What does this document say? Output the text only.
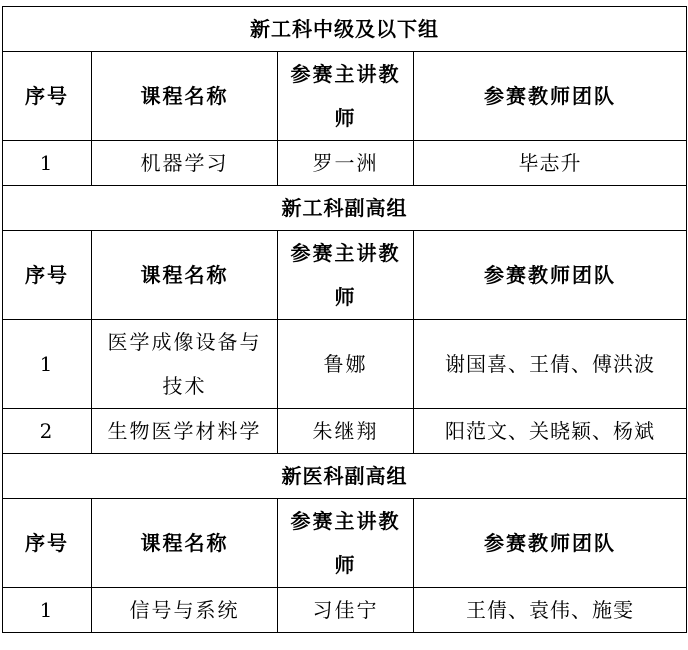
新工科中级及以下组			
序号	课程名称	参赛主讲教师	参赛教师团队
1	机器学习	罗一洲	毕志升
新工科副高组			
序号	课程名称	参赛主讲教师	参赛教师团队
1	医学成像设备与技术	鲁娜	谢国喜、王倩、傅洪波
2	生物医学材料学	朱继翔	阳范文、关晓颖、杨斌
新医科副高组			
序号	课程名称	参赛主讲教师	参赛教师团队
1	信号与系统	习佳宁	王倩、袁伟、施雯
